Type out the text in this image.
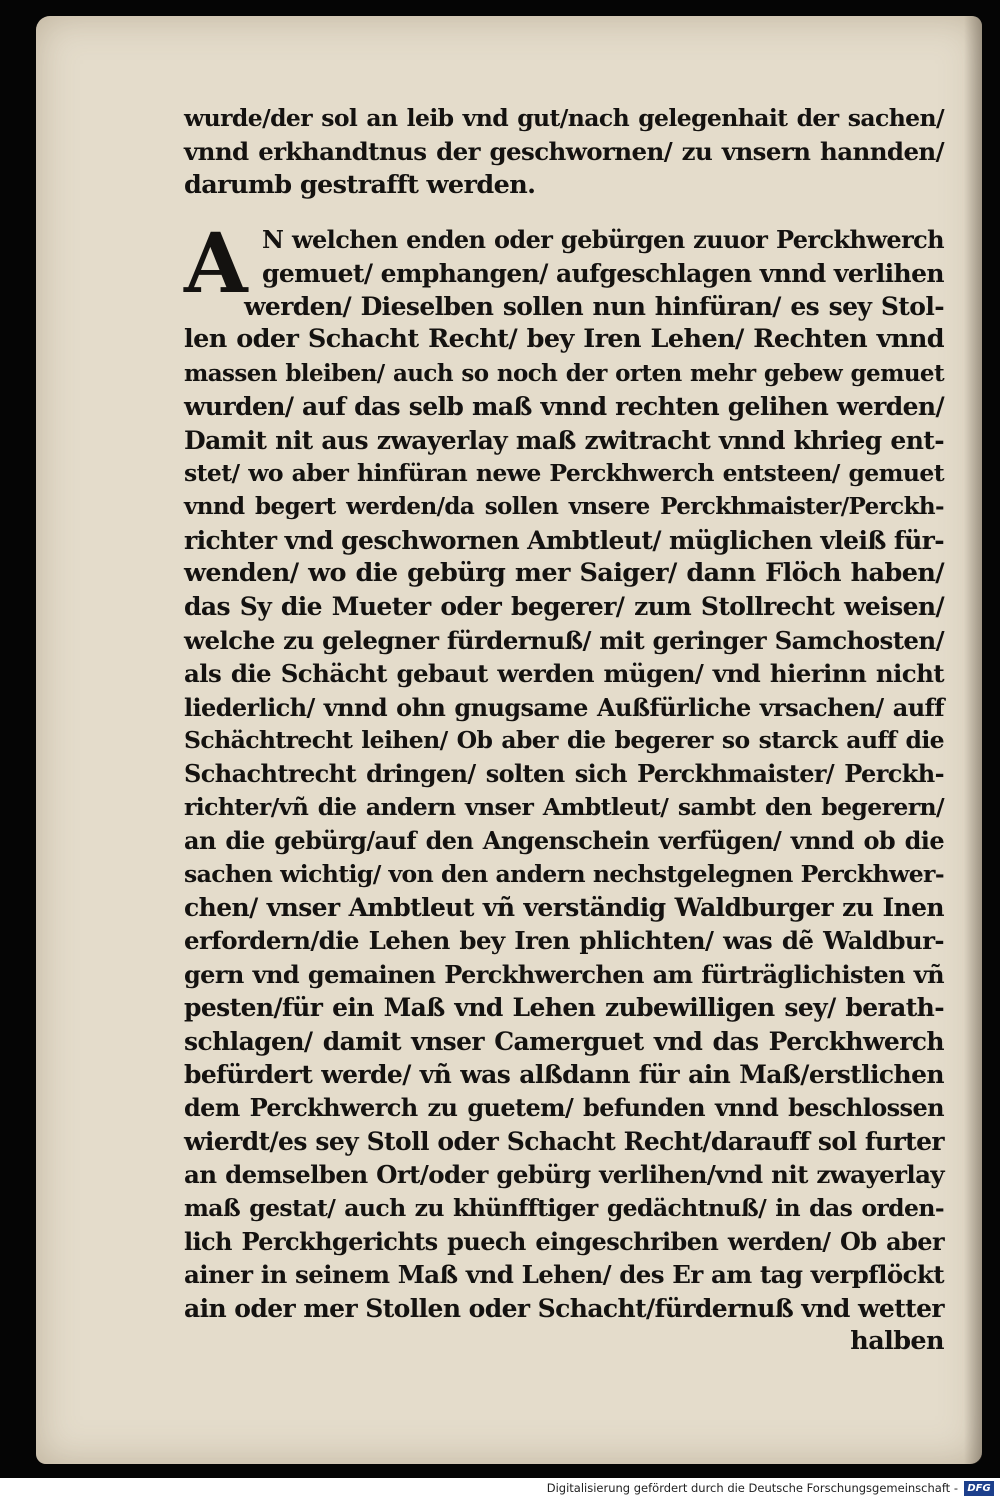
wurde/der sol an leib vnd gut/nach gelegenhait der sachen/
vnnd erkhandtnus der geschwornen/ zu vnsern hannden/
darumb gestrafft werden.
A N welchen enden oder gebürgen zuuor Perckhwerch
gemuet/ emphangen/ aufgeschlagen vnnd verlihen
werden/ Dieselben sollen nun hinfüran/ es sey Stol-
len oder Schacht Recht/ bey Iren Lehen/ Rechten vnnd
massen bleiben/ auch so noch der orten mehr gebew gemuet
wurden/ auf das selb maß vnnd rechten gelihen werden/
Damit nit aus zwayerlay maß zwitracht vnnd khrieg ent-
stet/ wo aber hinfüran newe Perckhwerch entsteen/ gemuet
vnnd begert werden/da sollen vnsere Perckhmaister/Perckh-
richter vnd geschwornen Ambtleut/ müglichen vleiß für-
wenden/ wo die gebürg mer Saiger/ dann Flöch haben/
das Sy die Mueter oder begerer/ zum Stollrecht weisen/
welche zu gelegner fürdernuß/ mit geringer Samchosten/
als die Schächt gebaut werden mügen/ vnd hierinn nicht
liederlich/ vnnd ohn gnugsame Außfürliche vrsachen/ auff
Schächtrecht leihen/ Ob aber die begerer so starck auff die
Schachtrecht dringen/ solten sich Perckhmaister/ Perckh-
richter/vñ die andern vnser Ambtleut/ sambt den begerern/
an die gebürg/auf den Angenschein verfügen/ vnnd ob die
sachen wichtig/ von den andern nechstgelegnen Perckhwer-
chen/ vnser Ambtleut vñ verständig Waldburger zu Inen
erfordern/die Lehen bey Iren phlichten/ was dẽ Waldbur-
gern vnd gemainen Perckhwerchen am fürträglichisten vñ
pesten/für ein Maß vnd Lehen zubewilligen sey/ berath-
schlagen/ damit vnser Camerguet vnd das Perckhwerch
befürdert werde/ vñ was alßdann für ain Maß/erstlichen
dem Perckhwerch zu guetem/ befunden vnnd beschlossen
wierdt/es sey Stoll oder Schacht Recht/darauff sol furter
an demselben Ort/oder gebürg verlihen/vnd nit zwayerlay
maß gestat/ auch zu khünfftiger gedächtnuß/ in das orden-
lich Perckhgerichts puech eingeschriben werden/ Ob aber
ainer in seinem Maß vnd Lehen/ des Er am tag verpflöckt
ain oder mer Stollen oder Schacht/fürdernuß vnd wetter
halben
Digitalisierung gefördert durch die Deutsche Forschungsgemeinschaft - DFG
